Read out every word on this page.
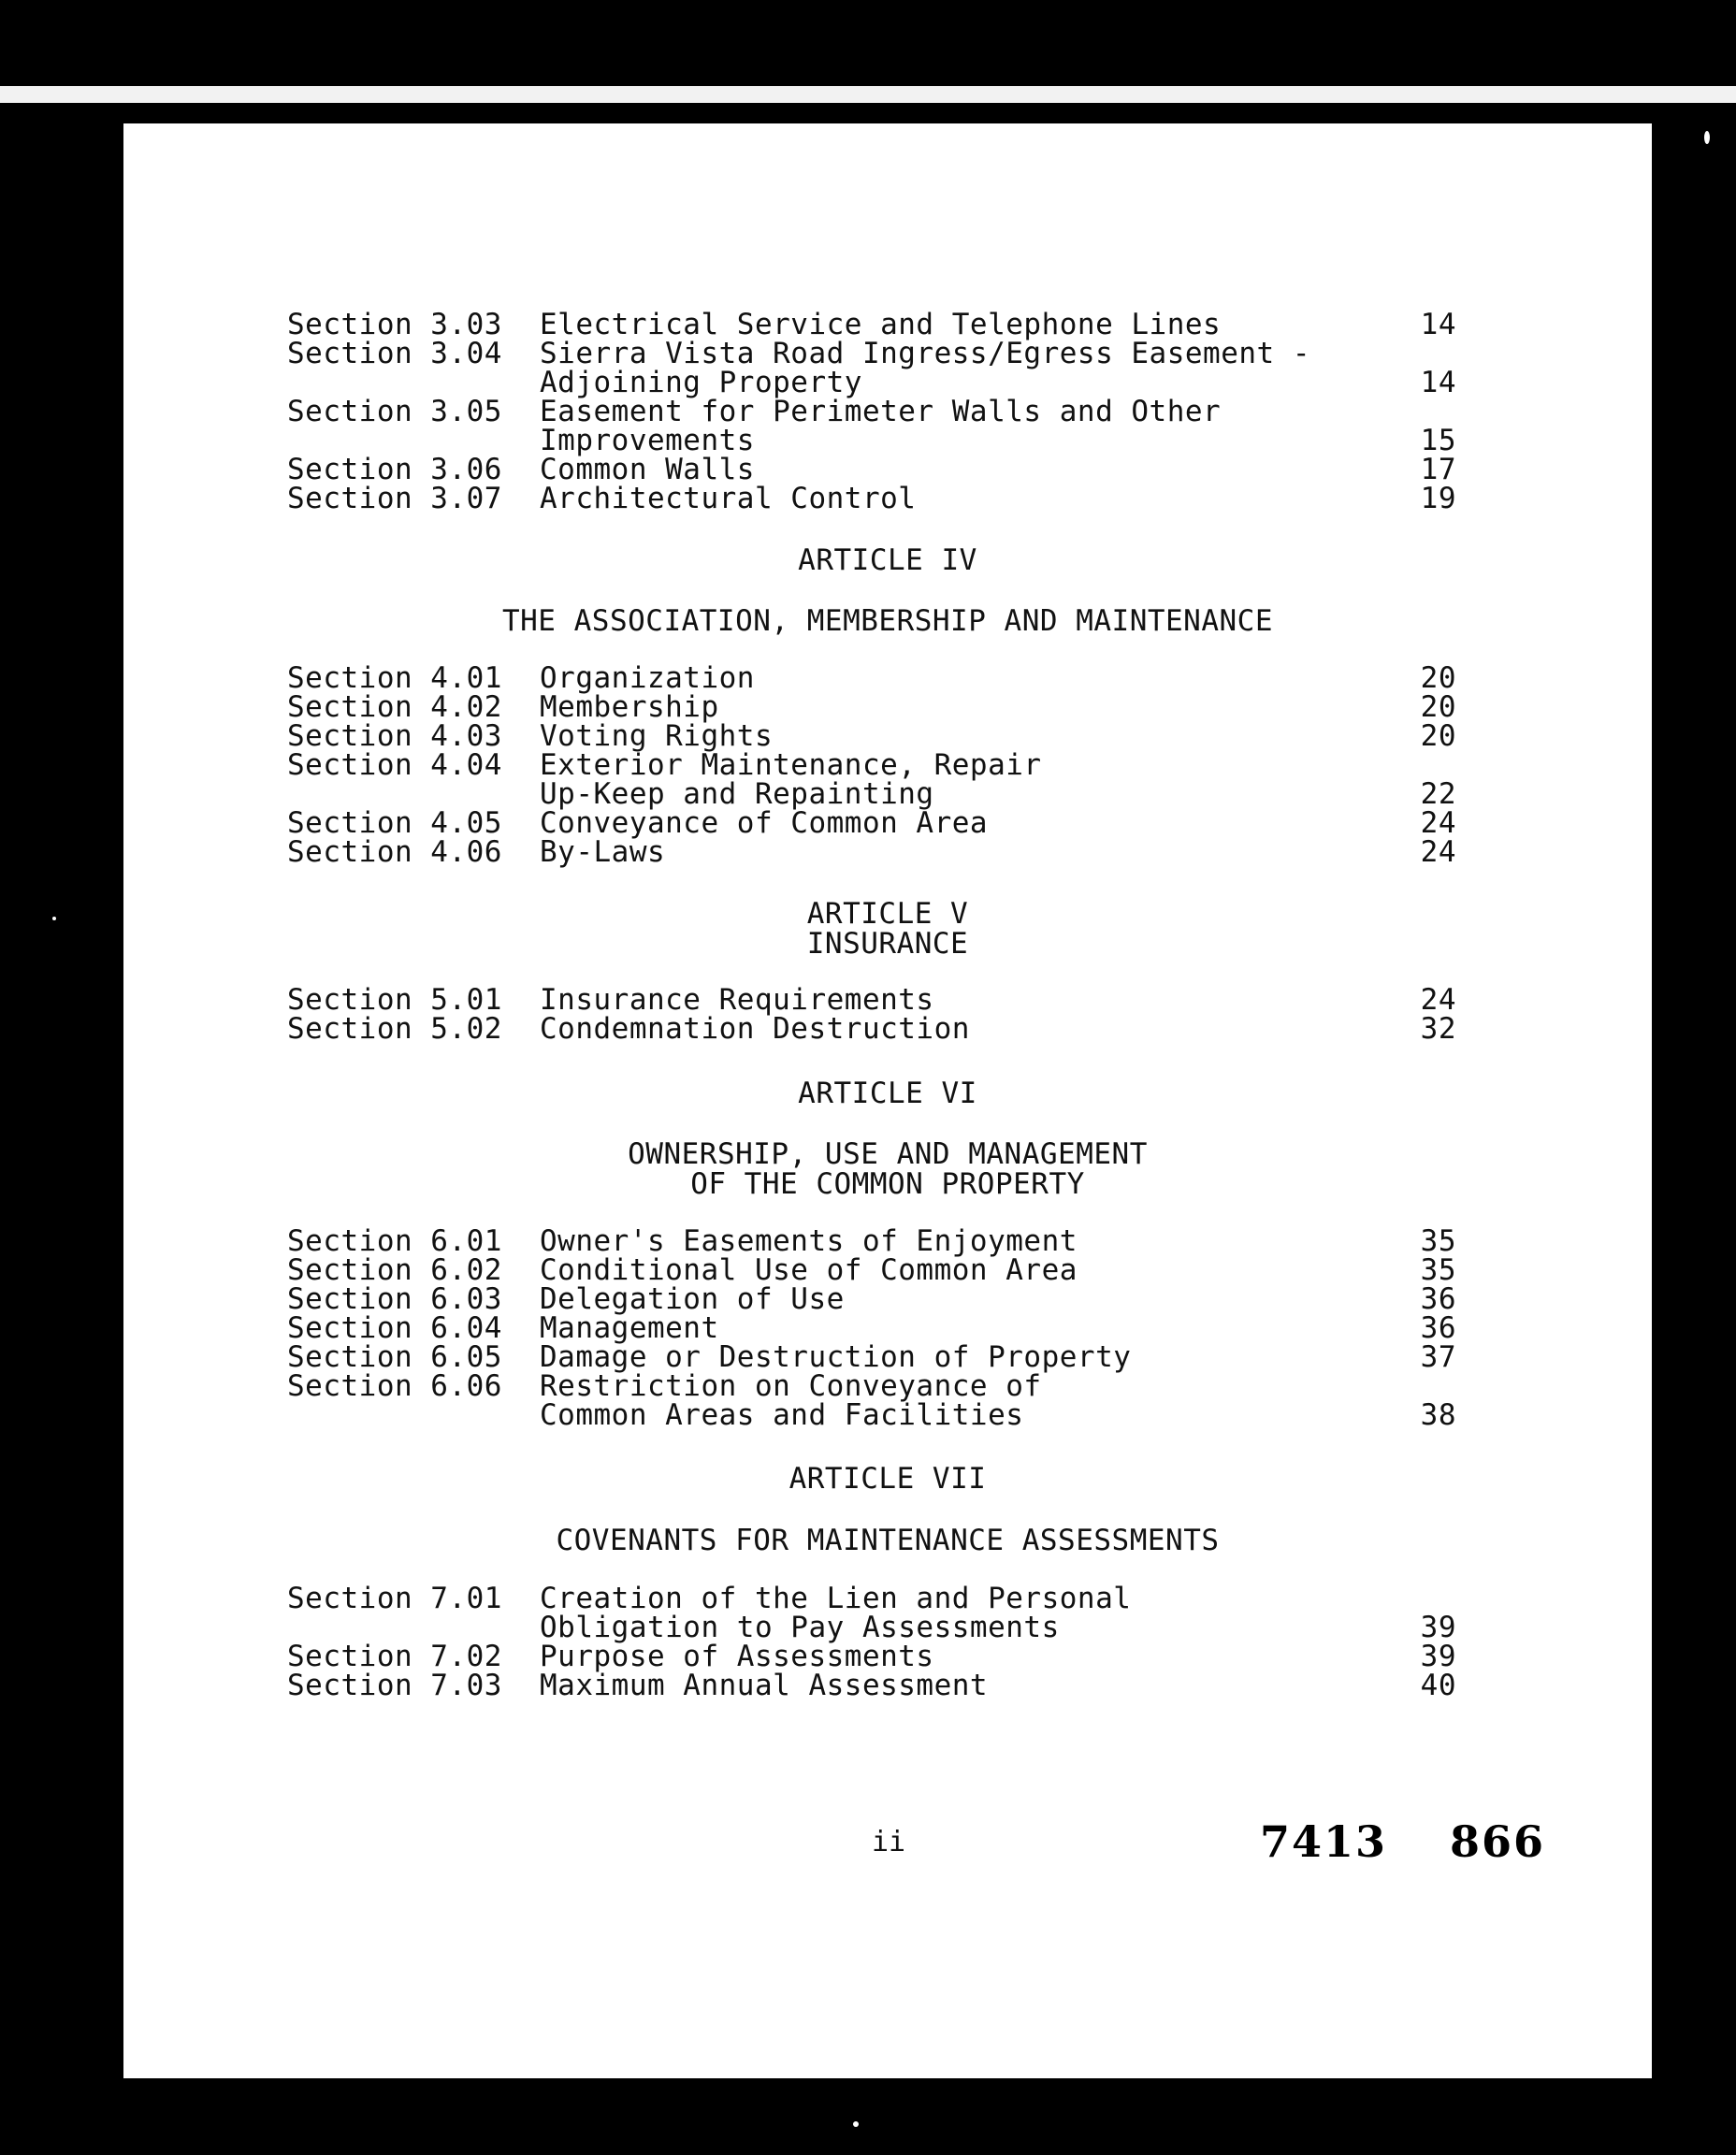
Section 3.03 Electrical Service and Telephone Lines	14
Section 3.04 Sierra Vista Road Ingress/Egress Easement -
Adjoining Property	14
Section 3.05 Easement for Perimeter Walls and Other
Improvements	15
Section 3.06 Common Walls	17
Section 3.07 Architectural Control	19
ARTICLE IV
THE ASSOCIATION, MEMBERSHIP AND MAINTENANCE
Section 4.01 Organization	20
Section 4.02 Membership	20
Section 4.03 Voting Rights	20
Section 4.04 Exterior Maintenance, Repair
Up-Keep and Repainting	22
Section 4.05 Conveyance of Common Area	24
Section 4.06 By-Laws	24
ARTICLE V
INSURANCE
Section 5.01 Insurance Requirements	24
Section 5.02 Condemnation Destruction	32
ARTICLE VI
OWNERSHIP, USE AND MANAGEMENT
OF THE COMMON PROPERTY
Section 6.01 Owner's Easements of Enjoyment	35
Section 6.02 Conditional Use of Common Area	35
Section 6.03 Delegation of Use	36
Section 6.04 Management	36
Section 6.05 Damage or Destruction of Property	37
Section 6.06 Restriction on Conveyance of
Common Areas and Facilities	38
ARTICLE VII
COVENANTS FOR MAINTENANCE ASSESSMENTS
Section 7.01 Creation of the Lien and Personal
Obligation to Pay Assessments	39
Section 7.02 Purpose of Assessments	39
Section 7.03 Maximum Annual Assessment	40
ii	7413 866
